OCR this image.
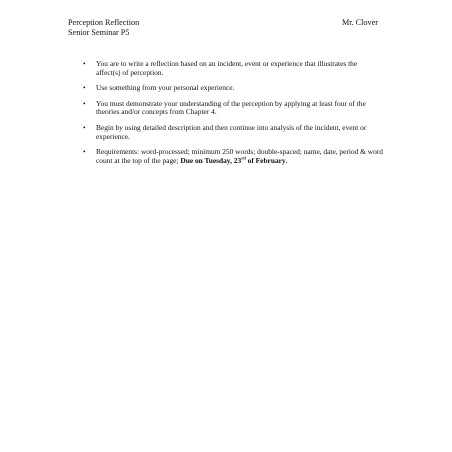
Perception Reflection
Senior Seminar P5
Mr. Clover
• You are to write a reflection based on an incident, event or experience that illustrates the affect(s) of perception.
• Use something from your personal experience.
• You must demonstrate your understanding of the perception by applying at least four of the theories and/or concepts from Chapter 4.
• Begin by using detailed description and then continue into analysis of the incident, event or experience.
• Requirements: word-processed; minimum 250 words; double-spaced; name, date, period & word count at the top of the page; Due on Tuesday, 23rd of February.
